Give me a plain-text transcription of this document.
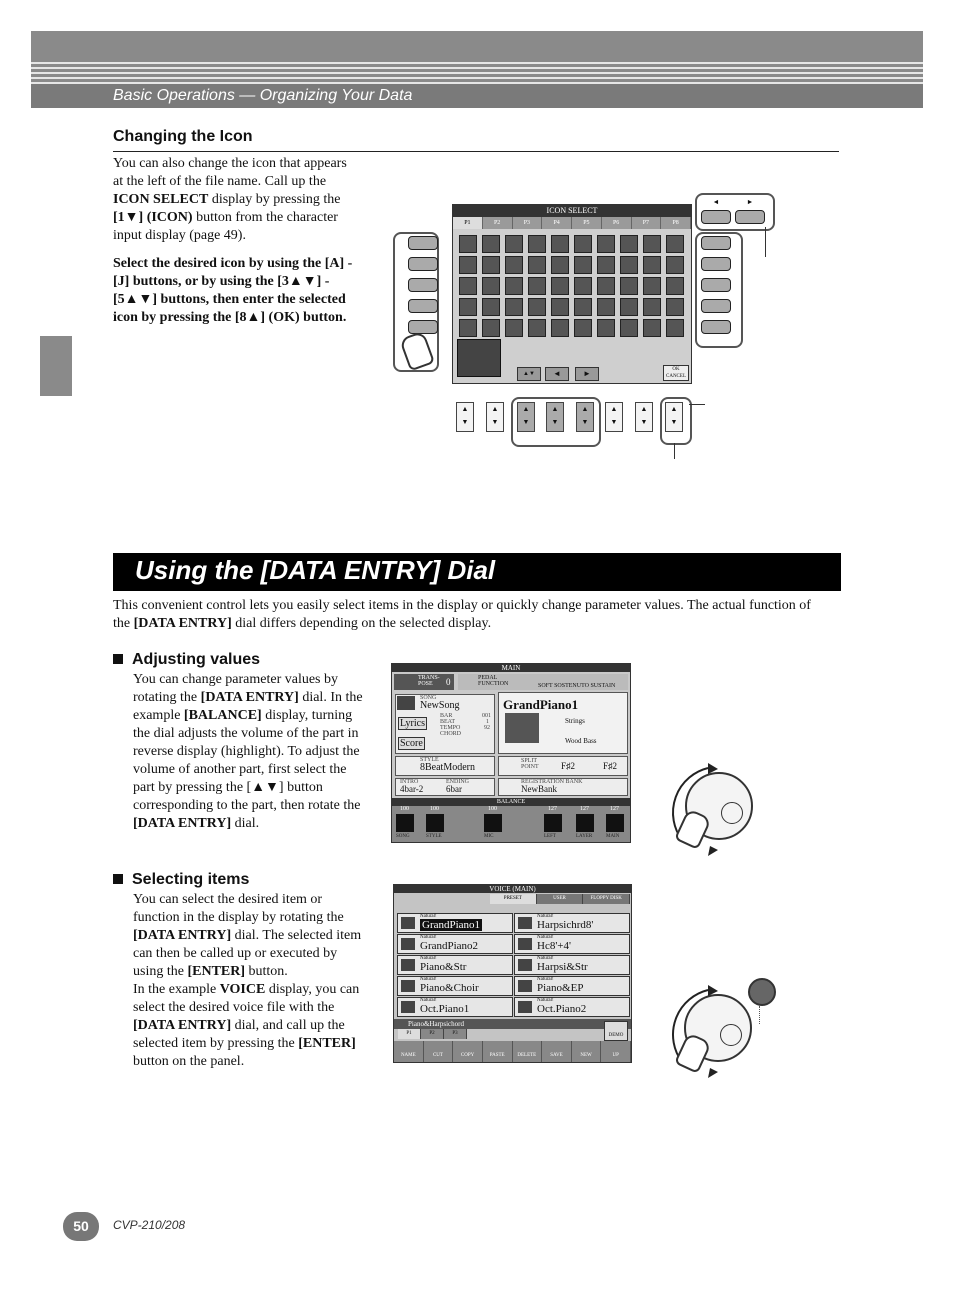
Basic Operations — Organizing Your Data
Changing the Icon

You can also change the icon that appears at the left of the file name. Call up the ICON SELECT display by pressing the [1▼] (ICON) button from the character input display (page 49).

Select the desired icon by using the [A] - [J] buttons, or by using the [3▲▼] - [5▲▼] buttons, then enter the selected icon by pressing the [8▲] (OK) button.

ICON SELECT
P1	P2	P3	P4	P5	P6	P7	P8
▲▼	◄	►	OK
CANCEL
◄	►
▲
▼
▲
▼
▲
▼
▲
▼
▲
▼
▲
▼
▲
▼
▲
▼
Using the [DATA ENTRY] Dial

This convenient control lets you easily select items in the display or quickly change parameter values. The actual function of the [DATA ENTRY] dial differs depending on the selected display.

Adjusting values

You can change parameter values by rotating the [DATA ENTRY] dial. In the example [BALANCE] display, turning the dial adjusts the volume of the part in reverse display (highlight). To adjust the volume of another part, first select the part by pressing the [▲▼] button corresponding to the part, then rotate the [DATA ENTRY] dial.

MAIN
TRANS-POSE	0	PEDAL FUNCTION	SOFT SOSTENUTO SUSTAIN
SONG
NewSong
Lyrics
Score
BAR
BEAT
TEMPO
CHORD
001
1
92
GrandPiano1
Strings
Wood Bass
STYLE
8BeatModern
SPLIT POINT	F♯2	F♯2
INTRO	ENDING
4bar-2	6bar
REGISTRATION BANK
NewBank
BALANCE
100
SONG
100
STYLE
100
MIC
127
LEFT
127
LAYER
127
MAIN
Selecting items

You can select the desired item or function in the display by rotating the [DATA ENTRY] dial. The selected item can then be called up or executed by using the [ENTER] button.
In the example VOICE display, you can select the desired voice file with the [DATA ENTRY] dial, and call up the selected item by pressing the [ENTER] button on the panel.

VOICE (MAIN)
PRESET	USER	FLOPPY DISK
Natural!
GrandPiano1
Natural!
GrandPiano2
Natural!
Piano&Str
Natural!
Piano&Choir
Natural!
Oct.Piano1
Natural!
Harpsichrd8'
Natural!
Hc8'+4'
Natural!
Harpsi&Str
Natural!
Piano&EP
Natural!
Oct.Piano2
Piano&Harpsichord
P1	P2	P3	DEMO
NAME	CUT	COPY	PASTE	DELETE	SAVE	NEW	UP
50	CVP-210/208
